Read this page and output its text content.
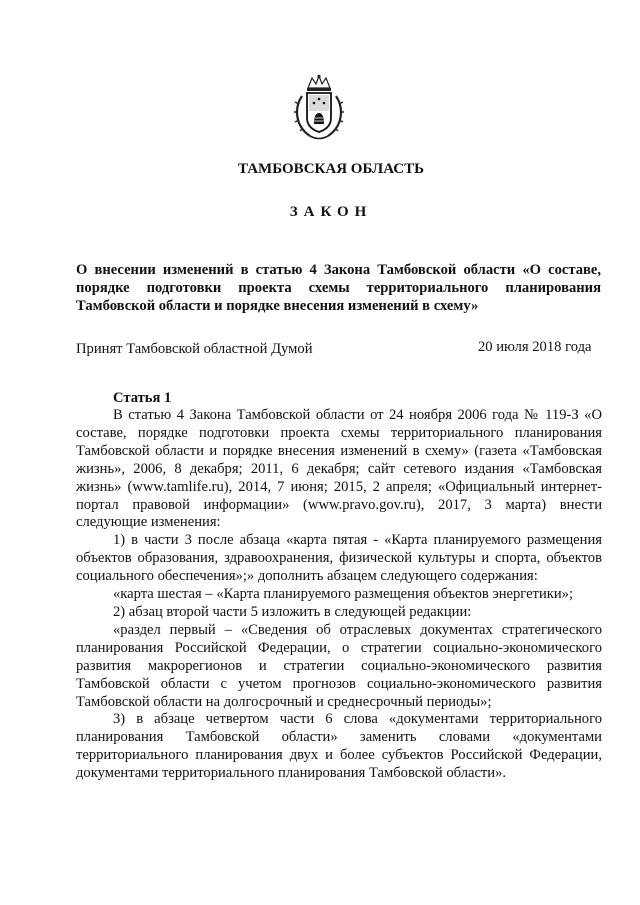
ТАМБОВСКАЯ ОБЛАСТЬ
ЗАКОН
О внесении изменений в статью 4 Закона Тамбовской области «О составе, порядке подготовки проекта схемы территориального планирования Тамбовской области и порядке внесения изменений в схему»
Принят Тамбовской областной Думой	20 июля 2018 года
Статья 1

В статью 4 Закона Тамбовской области от 24 ноября 2006 года № 119-З «О составе, порядке подготовки проекта схемы территориального планирования Тамбовской области и порядке внесения изменений в схему» (газета «Тамбовская жизнь», 2006, 8 декабря; 2011, 6 декабря; сайт сетевого издания «Тамбовская жизнь» (www.tamlife.ru), 2014, 7 июня; 2015, 2 апреля; «Официальный интернет-портал правовой информации» (www.pravo.gov.ru), 2017, 3 марта) внести следующие изменения:

1) в части 3 после абзаца «карта пятая - «Карта планируемого размещения объектов образования, здравоохранения, физической культуры и спорта, объектов социального обеспечения»;» дополнить абзацем следующего содержания:

«карта шестая – «Карта планируемого размещения объектов энергетики»;

2) абзац второй части 5 изложить в следующей редакции:

«раздел первый – «Сведения об отраслевых документах стратегического планирования Российской Федерации, о стратегии социально-экономического развития макрорегионов и стратегии социально-экономического развития Тамбовской области с учетом прогнозов социально-экономического развития Тамбовской области на долгосрочный и среднесрочный периоды»;

3) в абзаце четвертом части 6 слова «документами территориального планирования Тамбовской области» заменить словами «документами территориального планирования двух и более субъектов Российской Федерации, документами территориального планирования Тамбовской области».
